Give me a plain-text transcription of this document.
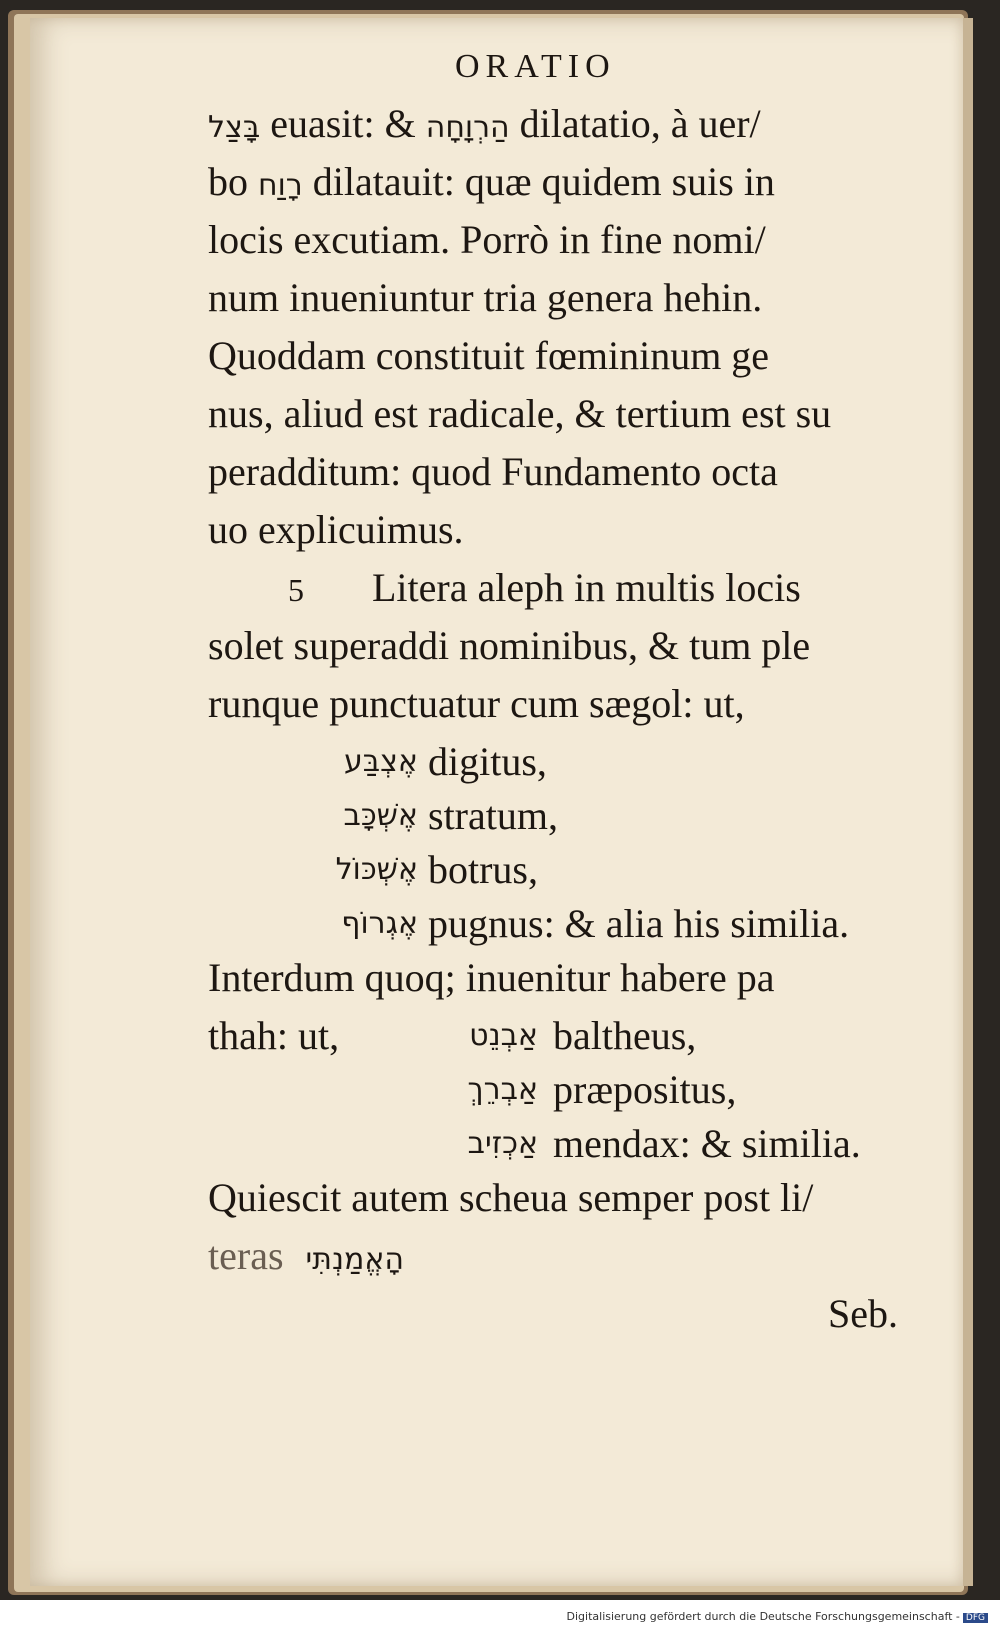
ORATIO
בָּצַל euasit: & הַרְוָחָה dilatatio, à uer/
bo רָוַח dilatauit: quæ quidem suis in
locis excutiam. Porrò in fine nomi/
num inueniuntur tria genera hehin.
Quoddam constituit fœmininum ge
nus, aliud est radicale, & tertium est su
peradditum: quod Fundamento octa
uo explicuimus.
5 Litera aleph in multis locis
solet superaddi nominibus, & tum ple
runque punctuatur cum sægol: ut,
אֶצְבַּע digitus,
אֶשְׁכָּב stratum,
אֶשְׁכּוֹל botrus,
אֶגְרוֹף pugnus: & alia his similia.
Interdum quoq; inuenitur habere pa
thah: ut,	אַבְנֵט baltheus,
אַבְרֵךְ præpositus,
אַכְזִיב mendax: & similia.
Quiescit autem scheua semper post li/
teras הָאֱמַנְתִּי
Seb.
Digitalisierung gefördert durch die Deutsche Forschungsgemeinschaft - DFG
